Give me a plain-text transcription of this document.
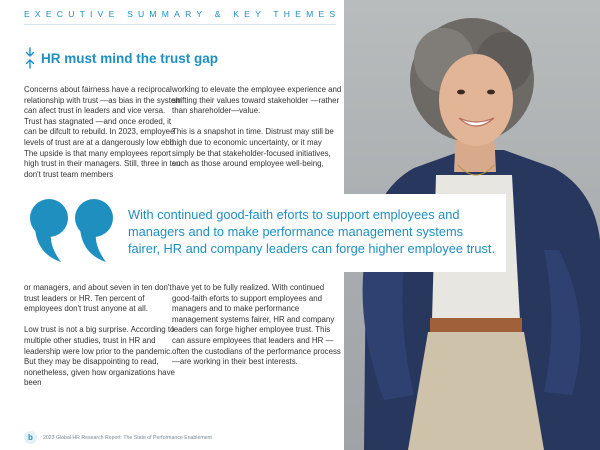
EXECUTIVE SUMMARY & KEY THEMES
HR must mind the trust gap

Concerns about fairness have a reciprocal relationship with trust —as bias in the system can afect trust in leaders and vice versa. Trust has stagnated —and once eroded, it can be difcult to rebuild. In 2023, employee levels of trust are at a dangerously low ebb. The upside is that many employees report high trust in their managers. Still, three in ten don't trust team members

working to elevate the employee experience and shifting their values toward stakeholder —rather than shareholder—value.

This is a snapshot in time. Distrust may still be high due to economic uncertainty, or it may simply be that stakeholder-focused initiatives, such as those around employee well-being,

With continued good-faith eforts to support employees and managers and to make performance management systems fairer, HR and company leaders can forge higher employee trust.

or managers, and about seven in ten don't trust leaders or HR. Ten percent of employees don't trust anyone at all.

Low trust is not a big surprise. According to multiple other studies, trust in HR and leadership were low prior to the pandemic. But they may be disappointing to read, nonetheless, given how organizations have been

have yet to be fully realized. With continued good-faith eforts to support employees and managers and to make performance management systems fairer, HR and company leaders can forge higher employee trust. This can assure employees that leaders and HR —often the custodians of the performance process —are working in their best interests.

b	2023 Global HR Research Report: The State of Performance Enablement
